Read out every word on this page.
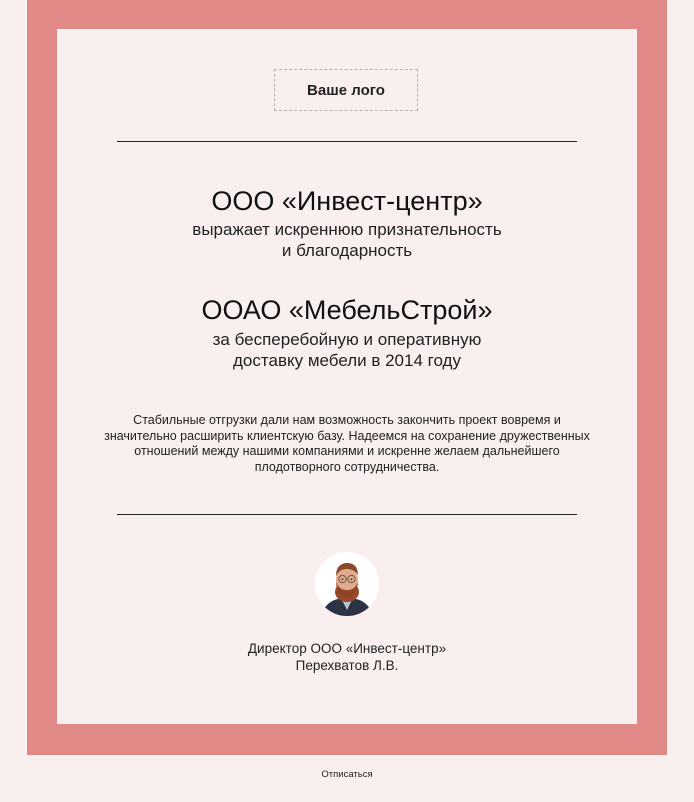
Ваше лого
ООО «Инвест-центр»
выражает искреннюю признательность
и благодарность
ООАО «МебельСтрой»
за бесперебойную и оперативную
доставку мебели в 2014 году
Стабильные отгрузки дали нам возможность закончить проект вовремя и
значительно расширить клиентскую базу. Надеемся на сохранение дружественных
отношений между нашими компаниями и искренне желаем дальнейшего
плодотворного сотрудничества.
Директор ООО «Инвест-центр»
Перехватов Л.В.
Отписаться
